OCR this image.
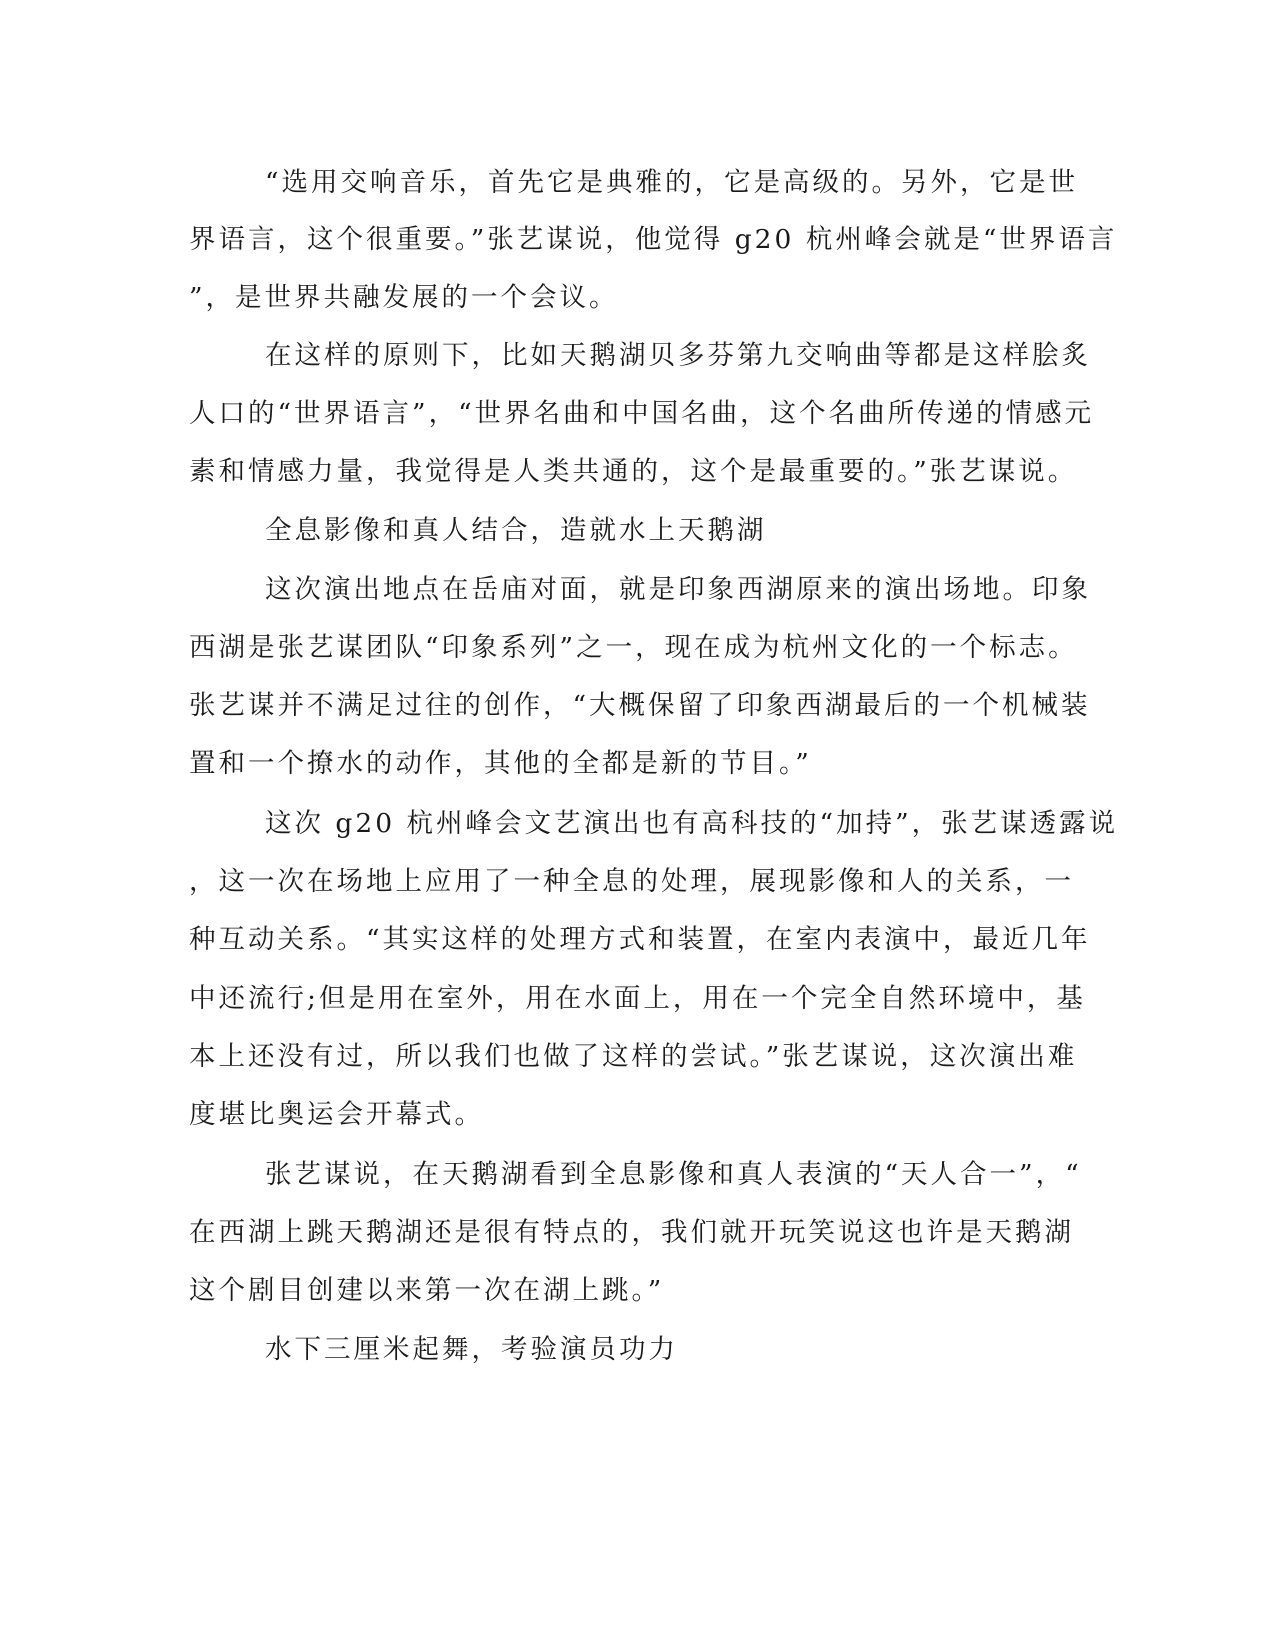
“选用交响音乐，首先它是典雅的，它是高级的。另外，它是世
界语言，这个很重要。”张艺谋说，他觉得 g20 杭州峰会就是“世界语言
”，是世界共融发展的一个会议。
在这样的原则下，比如天鹅湖贝多芬第九交响曲等都是这样脍炙
人口的“世界语言”，“世界名曲和中国名曲，这个名曲所传递的情感元
素和情感力量，我觉得是人类共通的，这个是最重要的。”张艺谋说。
全息影像和真人结合，造就水上天鹅湖
这次演出地点在岳庙对面，就是印象西湖原来的演出场地。印象
西湖是张艺谋团队“印象系列”之一，现在成为杭州文化的一个标志。
张艺谋并不满足过往的创作，“大概保留了印象西湖最后的一个机械装
置和一个撩水的动作，其他的全都是新的节目。”
这次 g20 杭州峰会文艺演出也有高科技的“加持”，张艺谋透露说
，这一次在场地上应用了一种全息的处理，展现影像和人的关系，一
种互动关系。“其实这样的处理方式和装置，在室内表演中，最近几年
中还流行;但是用在室外，用在水面上，用在一个完全自然环境中，基
本上还没有过，所以我们也做了这样的尝试。”张艺谋说，这次演出难
度堪比奥运会开幕式。
张艺谋说，在天鹅湖看到全息影像和真人表演的“天人合一”，“
在西湖上跳天鹅湖还是很有特点的，我们就开玩笑说这也许是天鹅湖
这个剧目创建以来第一次在湖上跳。”
水下三厘米起舞，考验演员功力
